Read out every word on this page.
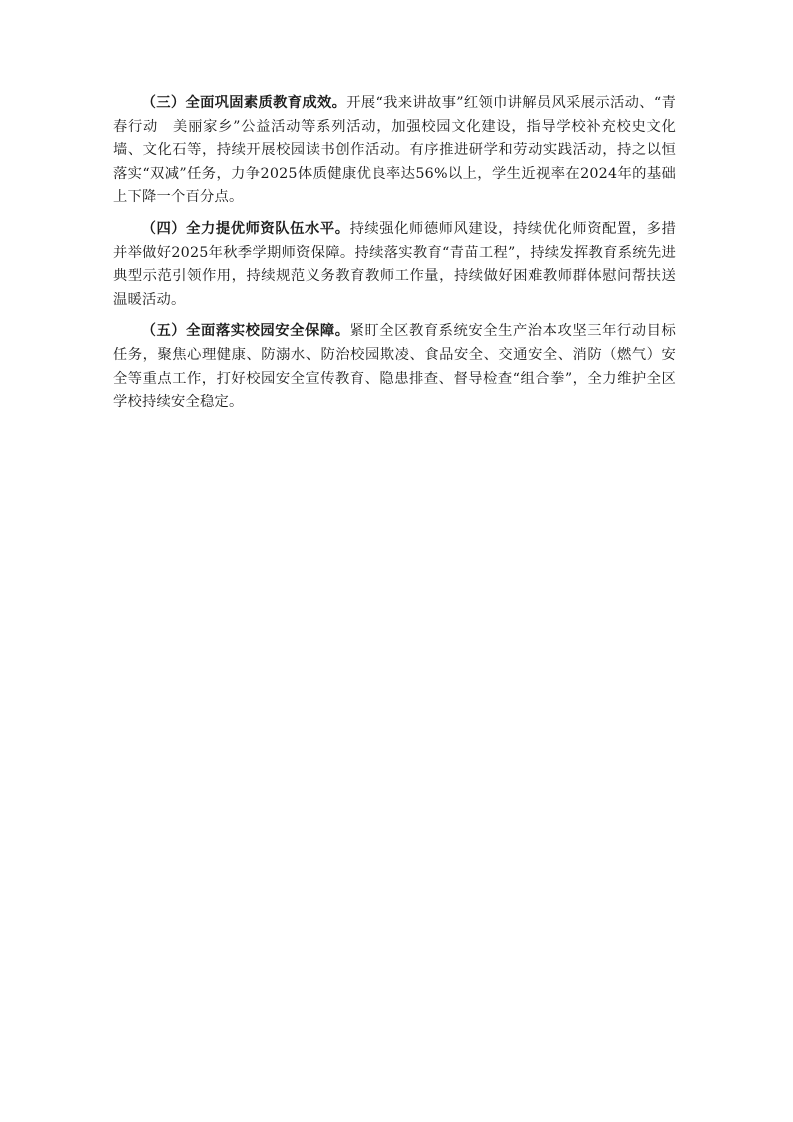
（三）全面巩固素质教育成效。开展“我来讲故事”红领巾讲解员风采展示活动、“青春行动　美丽家乡”公益活动等系列活动，加强校园文化建设，指导学校补充校史文化墙、文化石等，持续开展校园读书创作活动。有序推进研学和劳动实践活动，持之以恒落实“双减”任务，力争2025体质健康优良率达56%以上，学生近视率在2024年的基础上下降一个百分点。

（四）全力提优师资队伍水平。持续强化师德师风建设，持续优化师资配置，多措并举做好2025年秋季学期师资保障。持续落实教育“青苗工程”，持续发挥教育系统先进典型示范引领作用，持续规范义务教育教师工作量，持续做好困难教师群体慰问帮扶送温暖活动。

（五）全面落实校园安全保障。紧盯全区教育系统安全生产治本攻坚三年行动目标任务，聚焦心理健康、防溺水、防治校园欺凌、食品安全、交通安全、消防（燃气）安全等重点工作，打好校园安全宣传教育、隐患排查、督导检查“组合拳”，全力维护全区学校持续安全稳定。
